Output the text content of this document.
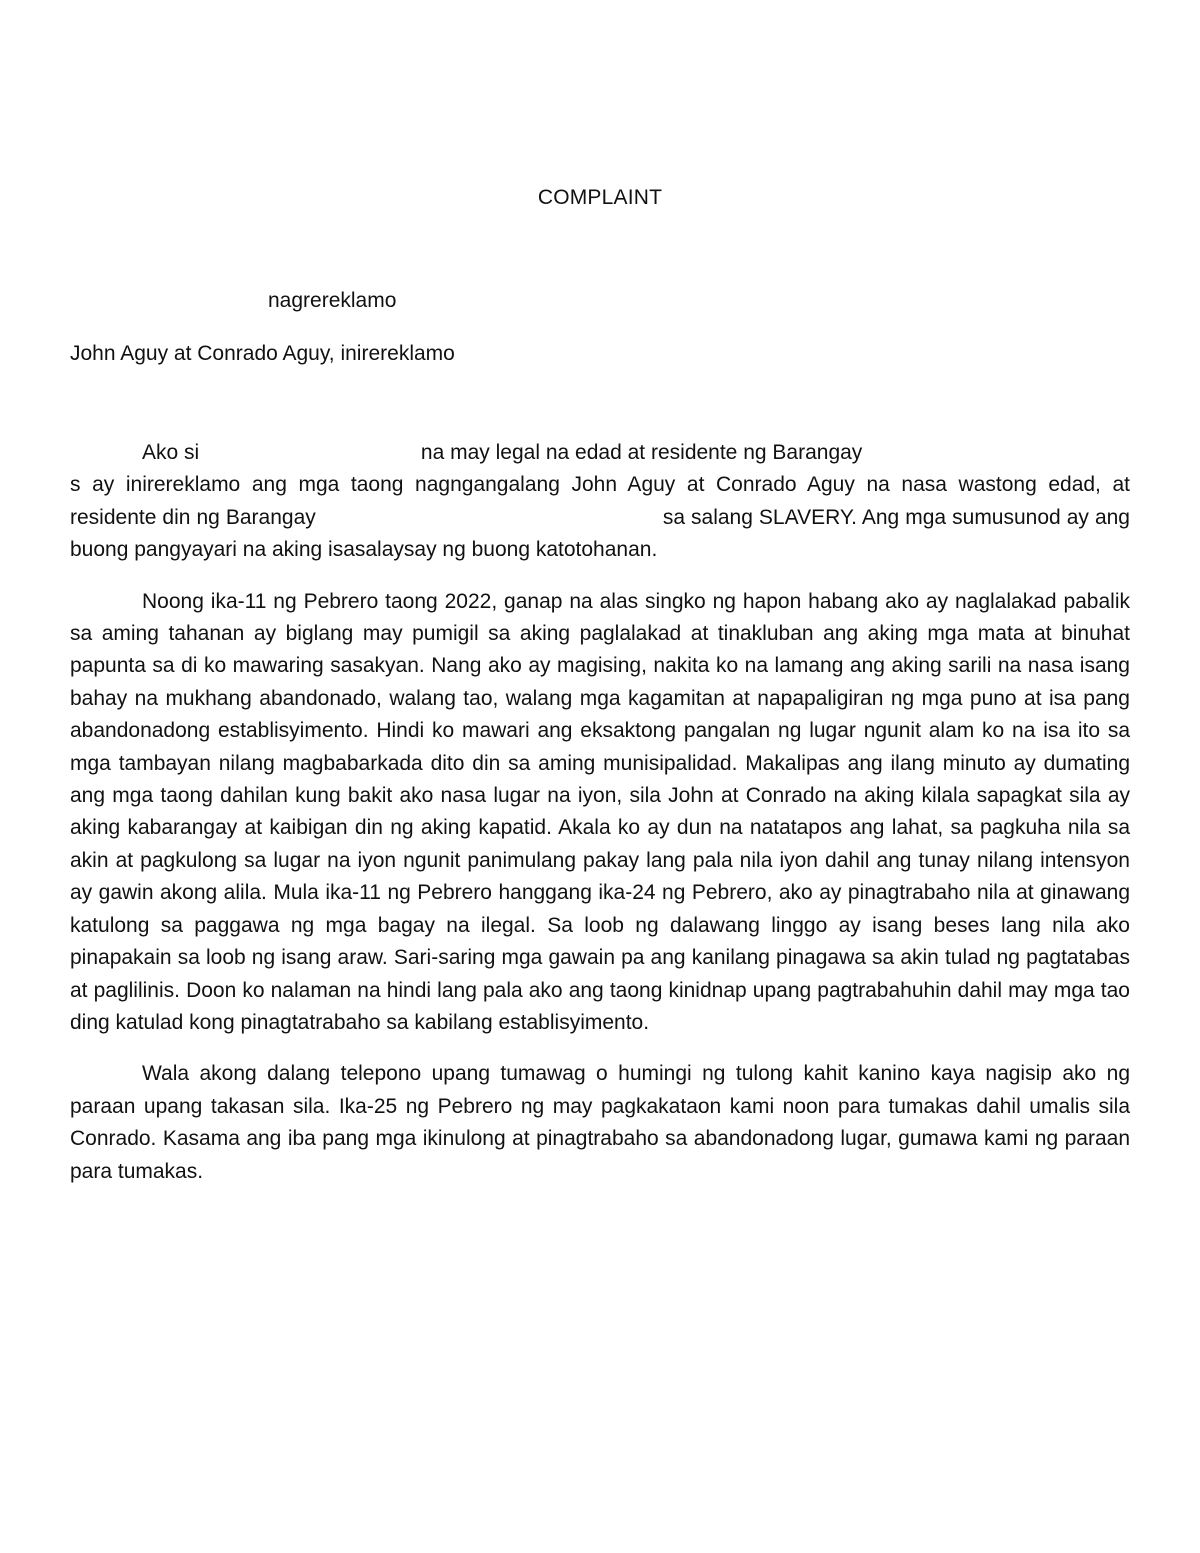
COMPLAINT

nagrereklamo

John Aguy at Conrado Aguy, inirereklamo

Ako si	na may legal na edad at residente ng Barangay   s ay inirereklamo ang mga taong nagngangalang John Aguy at Conrado Aguy na nasa wastong edad, at residente din ng Barangay	sa salang SLAVERY. Ang mga sumusunod ay ang buong pangyayari na aking isasalaysay ng buong katotohanan.

Noong ika-11 ng Pebrero taong 2022, ganap na alas singko ng hapon habang ako ay naglalakad pabalik sa aming tahanan ay biglang may pumigil sa aking paglalakad at tinakluban ang aking mga mata at binuhat papunta sa di ko mawaring sasakyan. Nang ako ay magising, nakita ko na lamang ang aking sarili na nasa isang bahay na mukhang abandonado, walang tao, walang mga kagamitan at napapaligiran ng mga puno at isa pang abandonadong establisyimento. Hindi ko mawari ang eksaktong pangalan ng lugar ngunit alam ko na isa ito sa mga tambayan nilang magbabarkada dito din sa aming munisipalidad. Makalipas ang ilang minuto ay dumating ang mga taong dahilan kung bakit ako nasa lugar na iyon, sila John at Conrado na aking kilala sapagkat sila ay aking kabarangay at kaibigan din ng aking kapatid. Akala ko ay dun na natatapos ang lahat, sa pagkuha nila sa akin at pagkulong sa lugar na iyon ngunit panimulang pakay lang pala nila iyon dahil ang tunay nilang intensyon ay gawin akong alila. Mula ika-11 ng Pebrero hanggang ika-24 ng Pebrero, ako ay pinagtrabaho nila at ginawang katulong sa paggawa ng mga bagay na ilegal. Sa loob ng dalawang linggo ay isang beses lang nila ako pinapakain sa loob ng isang araw. Sari-saring mga gawain pa ang kanilang pinagawa sa akin tulad ng pagtatabas at paglilinis. Doon ko nalaman na hindi lang pala ako ang taong kinidnap upang pagtrabahuhin dahil may mga tao ding katulad kong pinagtatrabaho sa kabilang establisyimento.

Wala akong dalang telepono upang tumawag o humingi ng tulong kahit kanino kaya nagisip ako ng paraan upang takasan sila. Ika-25 ng Pebrero ng may pagkakataon kami noon para tumakas dahil umalis sila Conrado. Kasama ang iba pang mga ikinulong at pinagtrabaho sa abandonadong lugar, gumawa kami ng paraan para tumakas.
